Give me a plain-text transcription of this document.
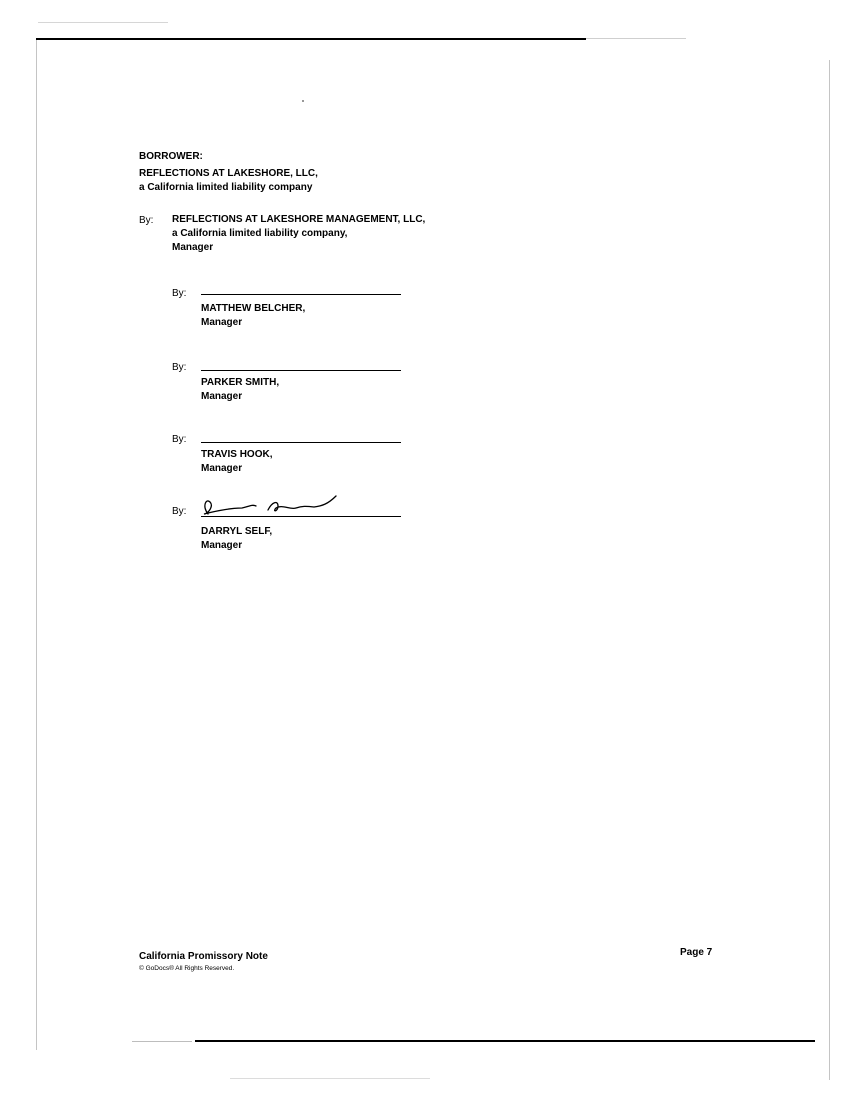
BORROWER:
REFLECTIONS AT LAKESHORE, LLC,
a California limited liability company
By: REFLECTIONS AT LAKESHORE MANAGEMENT, LLC,
a California limited liability company,
Manager
By:
MATTHEW BELCHER,
Manager
By:
PARKER SMITH,
Manager
By:
TRAVIS HOOK,
Manager
By:
DARRYL SELF,
Manager
California Promissory Note
© GoDocs® All Rights Reserved.
Page 7
